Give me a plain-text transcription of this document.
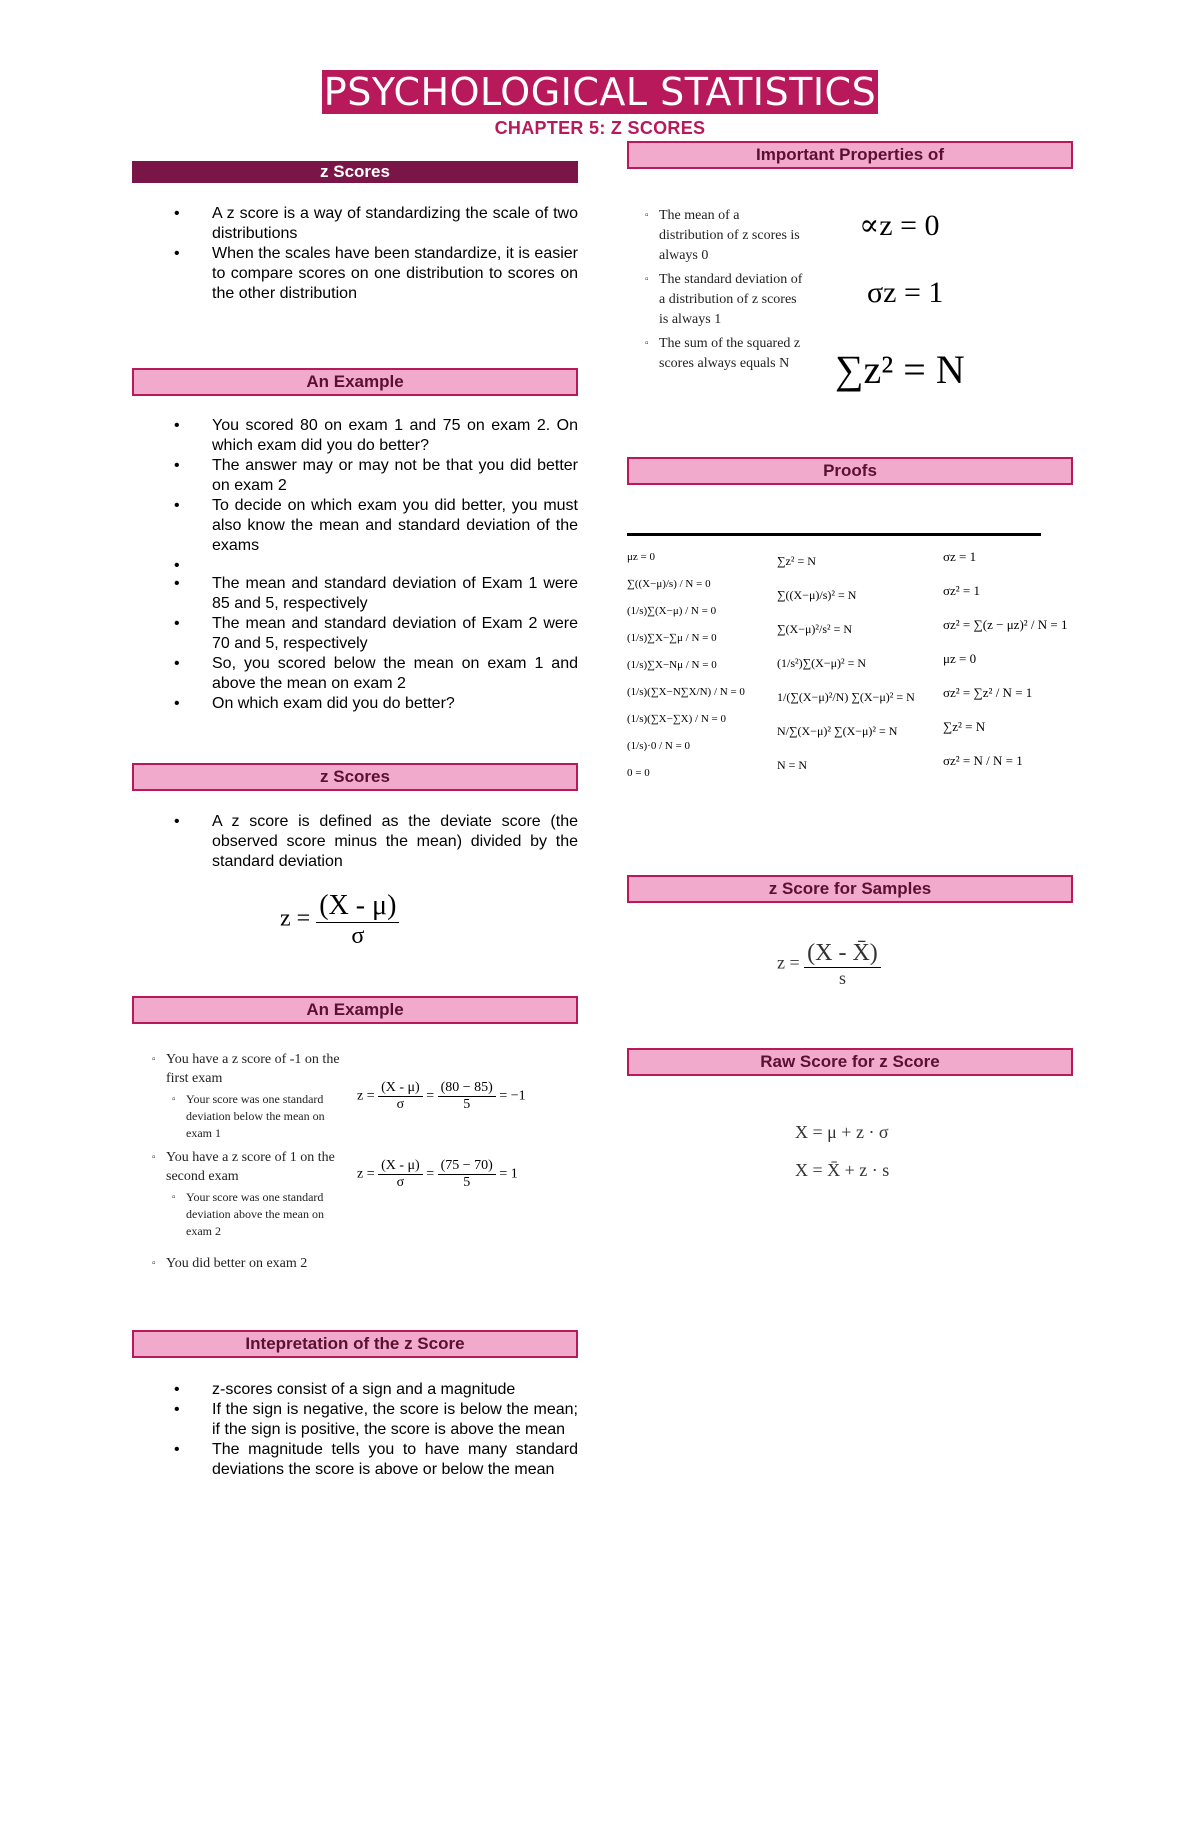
PSYCHOLOGICAL STATISTICS
CHAPTER 5: Z SCORES
z Scores
• A z score is a way of standardizing the scale of two distributions
• When the scales have been standardize, it is easier to compare scores on one distribution to scores on the other distribution
An Example
• You scored 80 on exam 1 and 75 on exam 2. On which exam did you do better?
• The answer may or may not be that you did better on exam 2
• To decide on which exam you did better, you must also know the mean and standard deviation of the exams
•
• The mean and standard deviation of Exam 1 were 85 and 5, respectively
• The mean and standard deviation of Exam 2 were 70 and 5, respectively
• So, you scored below the mean on exam 1 and above the mean on exam 2
• On which exam did you do better?
z Scores
• A z score is defined as the deviate score (the observed score minus the mean) divided by the standard deviation
$z = \frac{(X - \mu)}{\sigma}$
An Example
▫ You have a z score of -1 on the first exam
▫ Your score was one standard deviation below the mean on exam 1
▫ You have a z score of 1 on the second exam
▫ Your score was one standard deviation above the mean on exam 2
▫ You did better on exam 2
$z = \frac{(X - \mu)}{\sigma} = \frac{(80 - 85)}{5} = -1$
$z = \frac{(X - \mu)}{\sigma} = \frac{(75 - 70)}{5} = 1$
Intepretation of the z Score
• z-scores consist of a sign and a magnitude
• If the sign is negative, the score is below the mean; if the sign is positive, the score is above the mean
• The magnitude tells you to have many standard deviations the score is above or below the mean
Important Properties of
▫ The mean of a distribution of z scores is always 0
▫ The standard deviation of a distribution of z scores is always 1
▫ The sum of the squared z scores always equals N
∝z = 0
σz = 1
∑z² = N
Proofs
μz = 0
∑((X−μ)/s) / N = 0
(1/s)∑(X−μ) / N = 0
(1/s)∑X−∑μ / N = 0
(1/s)∑X−Nμ / N = 0
(1/s)(∑X−N∑X/N) / N = 0
(1/s)(∑X−∑X) / N = 0
(1/s)·0 / N = 0
0 = 0
∑z² = N
∑((X−μ)/s)² = N
∑(X−μ)²/s² = N
(1/s²)∑(X−μ)² = N
1/(∑(X−μ)²/N) ∑(X−μ)² = N
N/∑(X−μ)² ∑(X−μ)² = N
N = N
σz = 1
σz² = 1
σz² = ∑(z − μz)² / N = 1
μz = 0
σz² = ∑z² / N = 1
∑z² = N
σz² = N / N = 1
z Score for Samples
$z = \frac{(X - X̄)}{s}$
Raw Score for z Score
X = μ + z · σ
X = X̄ + z · s
